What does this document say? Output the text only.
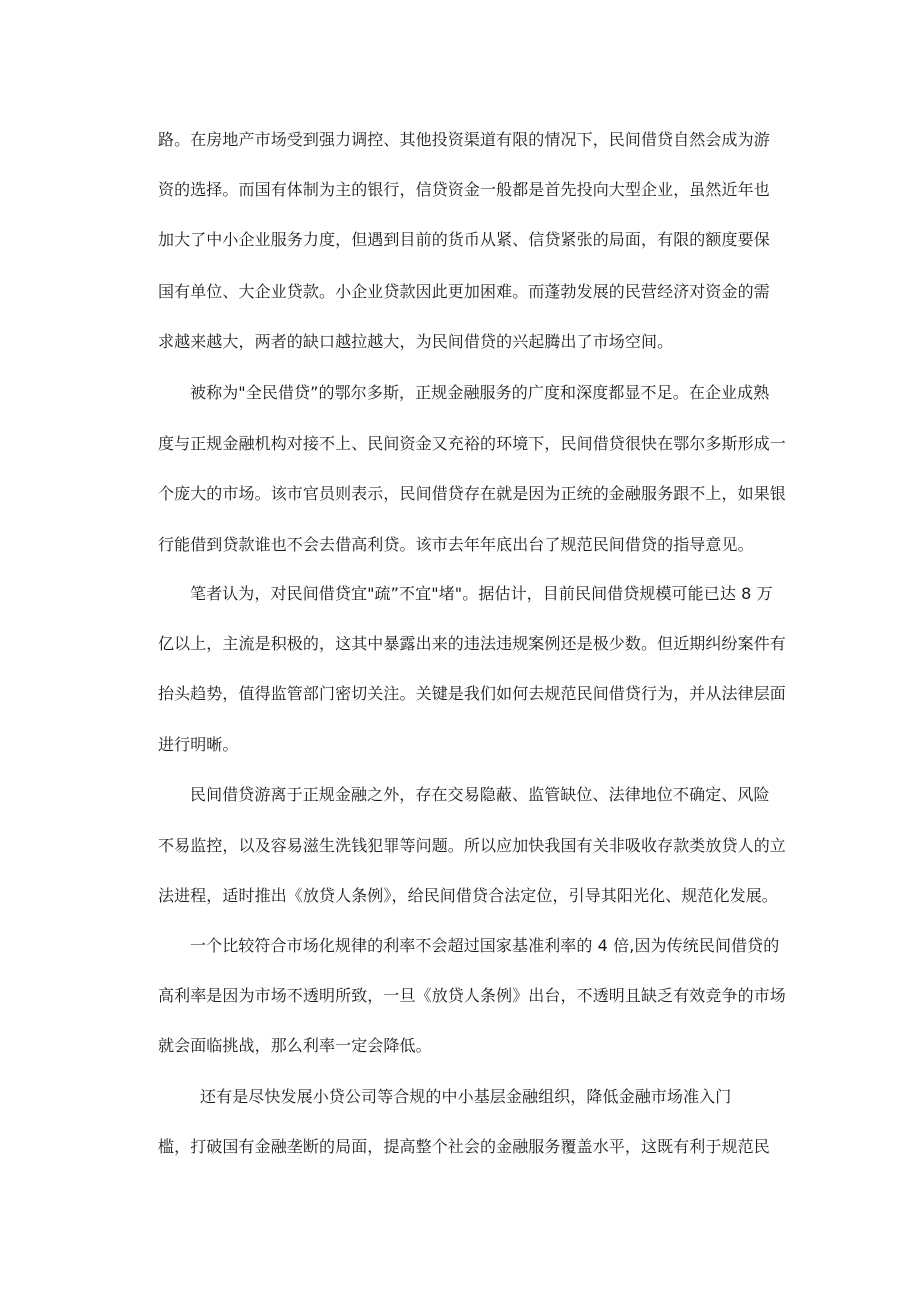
路。在房地产市场受到强力调控、其他投资渠道有限的情况下，民间借贷自然会成为游
资的选择。而国有体制为主的银行，信贷资金一般都是首先投向大型企业，虽然近年也
加大了中小企业服务力度，但遇到目前的货币从紧、信贷紧张的局面，有限的额度要保
国有单位、大企业贷款。小企业贷款因此更加困难。而蓬勃发展的民营经济对资金的需
求越来越大，两者的缺口越拉越大，为民间借贷的兴起腾出了市场空间。
被称为"全民借贷”的鄂尔多斯，正规金融服务的广度和深度都显不足。在企业成熟
度与正规金融机构对接不上、民间资金又充裕的环境下，民间借贷很快在鄂尔多斯形成一
个庞大的市场。该市官员则表示，民间借贷存在就是因为正统的金融服务跟不上，如果银
行能借到贷款谁也不会去借高利贷。该市去年年底出台了规范民间借贷的指导意见。
笔者认为，对民间借贷宜"疏”不宜"堵"。据估计，目前民间借贷规模可能已达 8 万
亿以上，主流是积极的，这其中暴露出来的违法违规案例还是极少数。但近期纠纷案件有
抬头趋势，值得监管部门密切关注。关键是我们如何去规范民间借贷行为，并从法律层面
进行明晰。
民间借贷游离于正规金融之外，存在交易隐蔽、监管缺位、法律地位不确定、风险
不易监控，以及容易滋生洗钱犯罪等问题。所以应加快我国有关非吸收存款类放贷人的立
法进程，适时推出《放贷人条例》，给民间借贷合法定位，引导其阳光化、规范化发展。
一个比较符合市场化规律的利率不会超过国家基准利率的 4 倍,因为传统民间借贷的
高利率是因为市场不透明所致，一旦《放贷人条例》出台，不透明且缺乏有效竞争的市场
就会面临挑战，那么利率一定会降低。
还有是尽快发展小贷公司等合规的中小基层金融组织，降低金融市场准入门
槛，打破国有金融垄断的局面，提高整个社会的金融服务覆盖水平，这既有利于规范民
